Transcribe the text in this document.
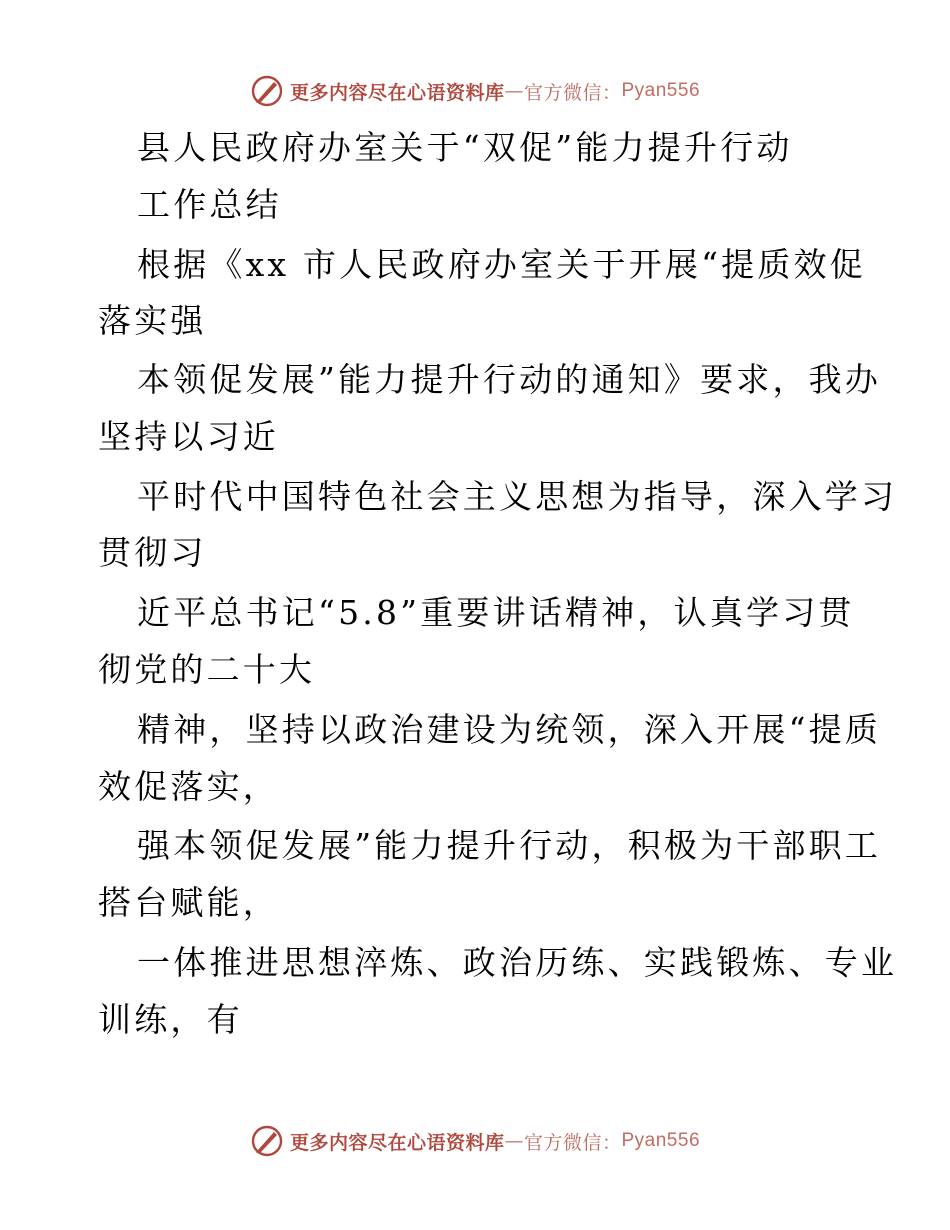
更多内容尽在心语资料库 — 官方微信： Pyan556
县人民政府办室关于“双促”能力提升行动
工作总结
根据《xx 市人民政府办室关于开展“提质效促
落实强
本领促发展”能力提升行动的通知》要求，我办
坚持以习近
平时代中国特色社会主义思想为指导，深入学习
贯彻习
近平总书记“5.8”重要讲话精神，认真学习贯
彻党的二十大
精神，坚持以政治建设为统领，深入开展“提质
效促落实，
强本领促发展”能力提升行动，积极为干部职工
搭台赋能，
一体推进思想淬炼、政治历练、实践锻炼、专业
训练，有
更多内容尽在心语资料库 — 官方微信： Pyan556
